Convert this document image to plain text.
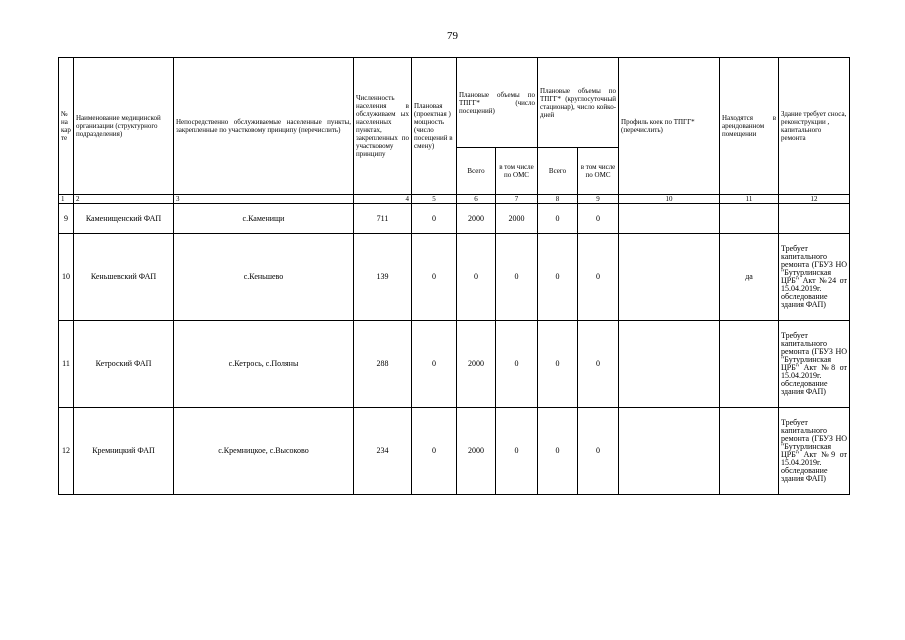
79
№ на кар те	Наименование медицинской организации (структурного подразделения)	Непосредственно обслуживаемые населенные пункты, закрепленные по участковому принципу (перечислить)	Численность населения в обслуживаем ых населенных пунктах, закрепленных по участковому принципу	Плановая (проектная ) мощность (число посещений в смену)	Плановые объемы по ТПГГ* (число посещений)		Плановые объемы по ТПГГ* (круглосуточный стационар), число койко-дней		Профиль коек по ТПГГ* (перечислить)	Находятся в арендованном помещении	Здание требует сноса, реконструкции , капитального ремонта
					Всего	в том числе по ОМС	Всего	в том числе по ОМС			
1	2	3	4	5	6	7	8	9	10	11	12
9	Каменищенский ФАП	с.Каменищи	711	0	2000	2000	0	0			
10	Кеньшевский ФАП	с.Кеньшево	139	0	0	0	0	0		да	Требует капитального ремонта (ГБУЗ НО "Бутурлинская ЦРБ" Акт №24 от 15.04.2019г. обследование здания ФАП)
11	Кетроский ФАП	с.Кетрось, с.Поляны	288	0	2000	0	0	0			Требует капитального ремонта (ГБУЗ НО "Бутурлинская ЦРБ" Акт №8 от 15.04.2019г. обследование здания ФАП)
12	Кремницкий ФАП	с.Кремницкое, с.Высоково	234	0	2000	0	0	0			Требует капитального ремонта (ГБУЗ НО "Бутурлинская ЦРБ" Акт №9 от 15.04.2019г. обследование здания ФАП)
